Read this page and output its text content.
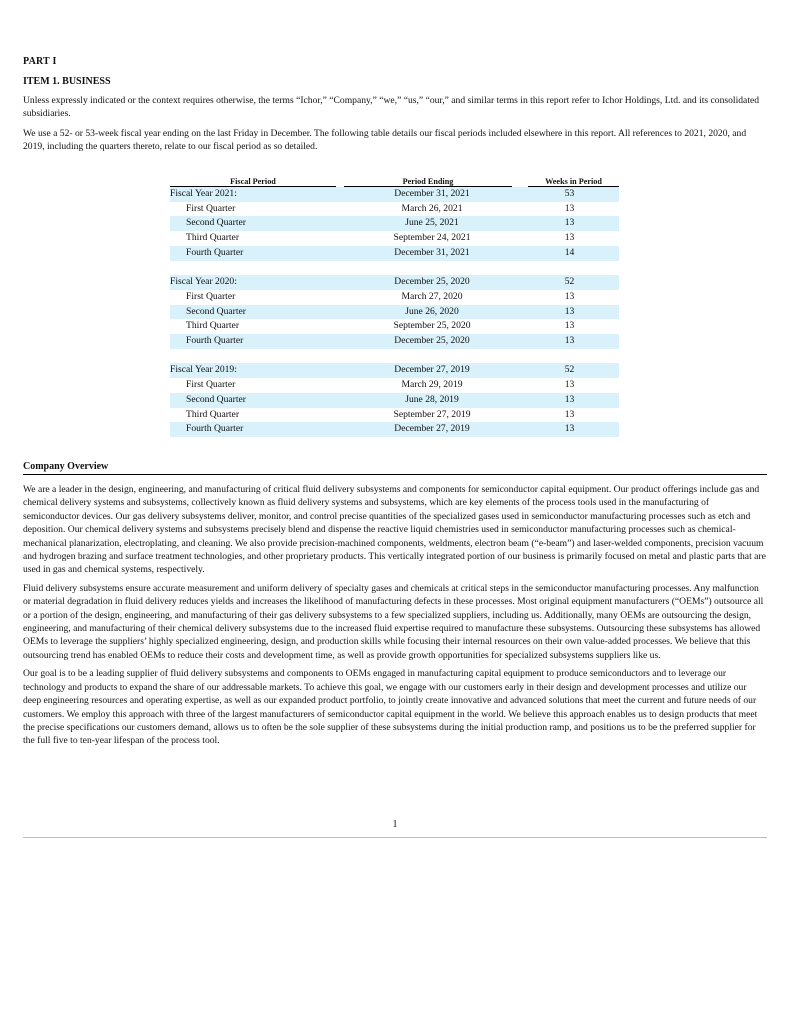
PART I
ITEM 1. BUSINESS

Unless expressly indicated or the context requires otherwise, the terms “Ichor,” “Company,” “we,” “us,” “our,” and similar terms in this report refer to Ichor Holdings, Ltd. and its consolidated subsidiaries.

We use a 52- or 53-week fiscal year ending on the last Friday in December. The following table details our fiscal periods included elsewhere in this report. All references to 2021, 2020, and 2019, including the quarters thereto, relate to our fiscal period as so detailed.

Fiscal Period	Period Ending	Weeks in Period

Fiscal Year 2021:	December 31, 2021	53
First Quarter	March 26, 2021	13
Second Quarter	June 25, 2021	13
Third Quarter	September 24, 2021	13
Fourth Quarter	December 31, 2021	14

Fiscal Year 2020:	December 25, 2020	52
First Quarter	March 27, 2020	13
Second Quarter	June 26, 2020	13
Third Quarter	September 25, 2020	13
Fourth Quarter	December 25, 2020	13

Fiscal Year 2019:	December 27, 2019	52
First Quarter	March 29, 2019	13
Second Quarter	June 28, 2019	13
Third Quarter	September 27, 2019	13
Fourth Quarter	December 27, 2019	13
Company Overview

We are a leader in the design, engineering, and manufacturing of critical fluid delivery subsystems and components for semiconductor capital equipment. Our product offerings include gas and chemical delivery systems and subsystems, collectively known as fluid delivery systems and subsystems, which are key elements of the process tools used in the manufacturing of semiconductor devices. Our gas delivery subsystems deliver, monitor, and control precise quantities of the specialized gases used in semiconductor manufacturing processes such as etch and deposition. Our chemical delivery systems and subsystems precisely blend and dispense the reactive liquid chemistries used in semiconductor manufacturing processes such as chemical-mechanical planarization, electroplating, and cleaning. We also provide precision-machined components, weldments, electron beam (“e-beam”) and laser-welded components, precision vacuum and hydrogen brazing and surface treatment technologies, and other proprietary products. This vertically integrated portion of our business is primarily focused on metal and plastic parts that are used in gas and chemical systems, respectively.

Fluid delivery subsystems ensure accurate measurement and uniform delivery of specialty gases and chemicals at critical steps in the semiconductor manufacturing processes. Any malfunction or material degradation in fluid delivery reduces yields and increases the likelihood of manufacturing defects in these processes. Most original equipment manufacturers (“OEMs”) outsource all or a portion of the design, engineering, and manufacturing of their gas delivery subsystems to a few specialized suppliers, including us. Additionally, many OEMs are outsourcing the design, engineering, and manufacturing of their chemical delivery subsystems due to the increased fluid expertise required to manufacture these subsystems. Outsourcing these subsystems has allowed OEMs to leverage the suppliers’ highly specialized engineering, design, and production skills while focusing their internal resources on their own value-added processes. We believe that this outsourcing trend has enabled OEMs to reduce their costs and development time, as well as provide growth opportunities for specialized subsystems suppliers like us.

Our goal is to be a leading supplier of fluid delivery subsystems and components to OEMs engaged in manufacturing capital equipment to produce semiconductors and to leverage our technology and products to expand the share of our addressable markets. To achieve this goal, we engage with our customers early in their design and development processes and utilize our deep engineering resources and operating expertise, as well as our expanded product portfolio, to jointly create innovative and advanced solutions that meet the current and future needs of our customers. We employ this approach with three of the largest manufacturers of semiconductor capital equipment in the world. We believe this approach enables us to design products that meet the precise specifications our customers demand, allows us to often be the sole supplier of these subsystems during the initial production ramp, and positions us to be the preferred supplier for the full five to ten-year lifespan of the process tool.

1
